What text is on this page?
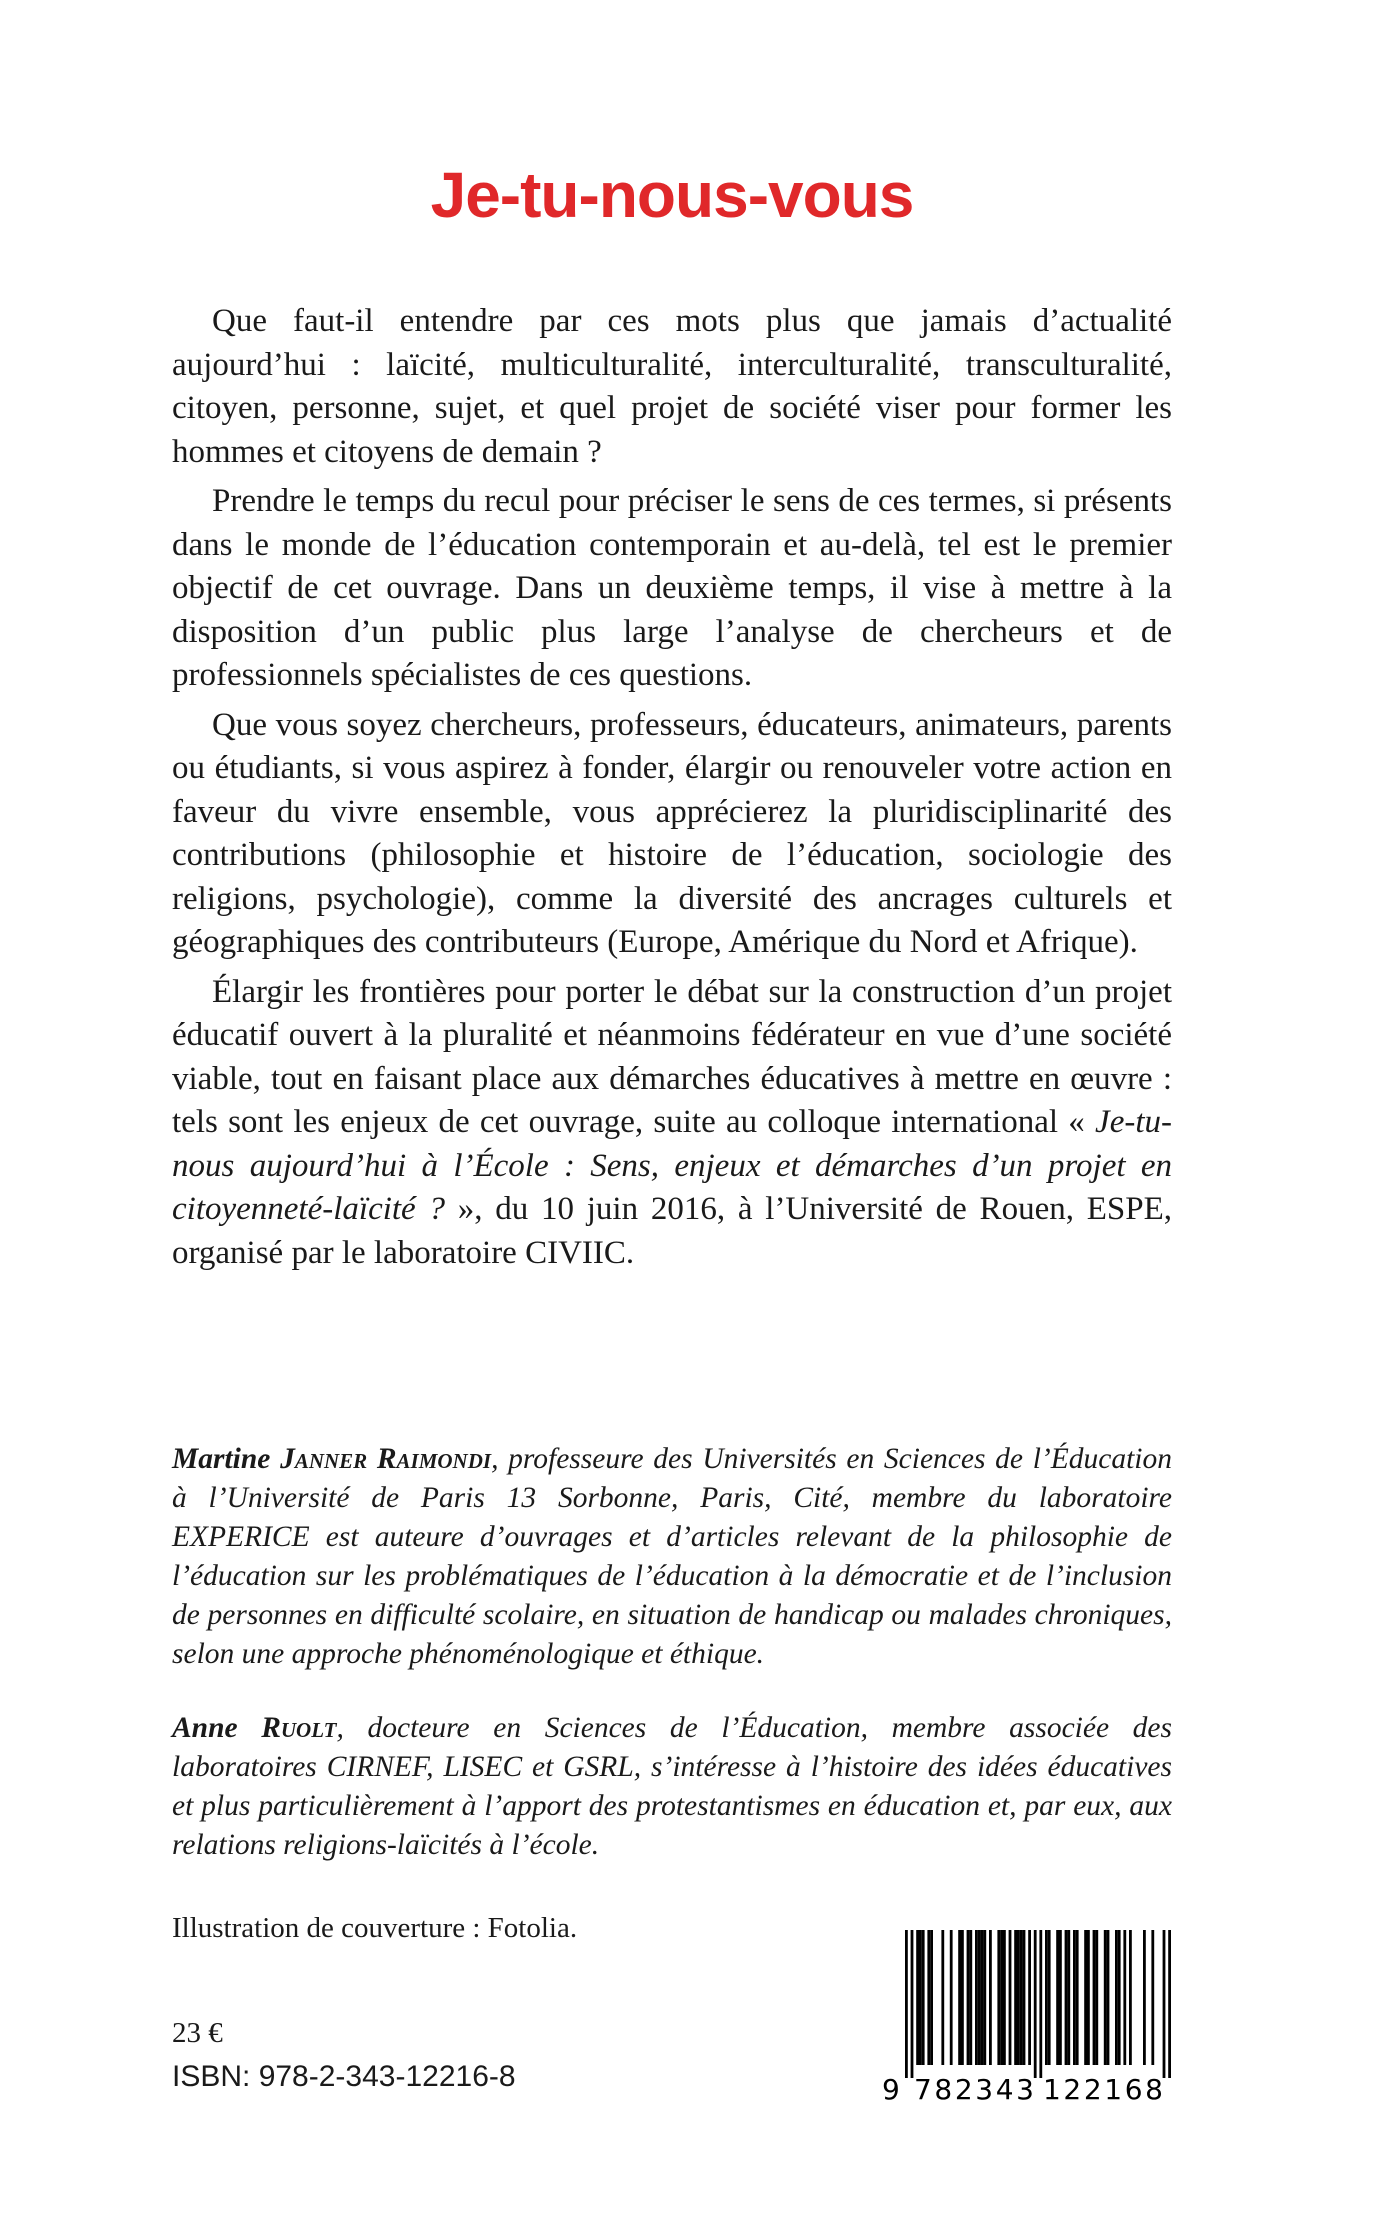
Je-tu-nous-vous

Que faut-il entendre par ces mots plus que jamais d’actualité aujourd’hui : laïcité, multiculturalité, interculturalité, transculturalité, citoyen, personne, sujet, et quel projet de société viser pour former les hommes et citoyens de demain ?

Prendre le temps du recul pour préciser le sens de ces termes, si présents dans le monde de l’éducation contemporain et au-delà, tel est le premier objectif de cet ouvrage. Dans un deuxième temps, il vise à mettre à la disposition d’un public plus large l’analyse de chercheurs et de professionnels spécialistes de ces questions.

Que vous soyez chercheurs, professeurs, éducateurs, animateurs, parents ou étudiants, si vous aspirez à fonder, élargir ou renouveler votre action en faveur du vivre ensemble, vous apprécierez la pluridisciplinarité des contributions (philosophie et histoire de l’éducation, sociologie des religions, psychologie), comme la diversité des ancrages culturels et géographiques des contributeurs (Europe, Amérique du Nord et Afrique).

Élargir les frontières pour porter le débat sur la construction d’un projet éducatif ouvert à la pluralité et néanmoins fédérateur en vue d’une société viable, tout en faisant place aux démarches éducatives à mettre en œuvre : tels sont les enjeux de cet ouvrage, suite au colloque international « Je-tu-nous aujourd’hui à l’École : Sens, enjeux et démarches d’un projet en citoyenneté-laïcité ? », du 10 juin 2016, à l’Université de Rouen, ESPE, organisé par le laboratoire CIVIIC.

Martine Janner Raimondi, professeure des Universités en Sciences de l’Éducation à l’Université de Paris 13 Sorbonne, Paris, Cité, membre du laboratoire EXPERICE est auteure d’ouvrages et d’articles relevant de la philosophie de l’éducation sur les problématiques de l’éducation à la démocratie et de l’inclusion de personnes en difficulté scolaire, en situation de handicap ou malades chroniques, selon une approche phénoménologique et éthique.

Anne Ruolt, docteure en Sciences de l’Éducation, membre associée des laboratoires CIRNEF, LISEC et GSRL, s’intéresse à l’histoire des idées éducatives et plus particulièrement à l’apport des protestantismes en éducation et, par eux, aux relations religions-laïcités à l’école.

Illustration de couverture : Fotolia.
23 €
ISBN: 978-2-343-12216-8	9 782343 122168
